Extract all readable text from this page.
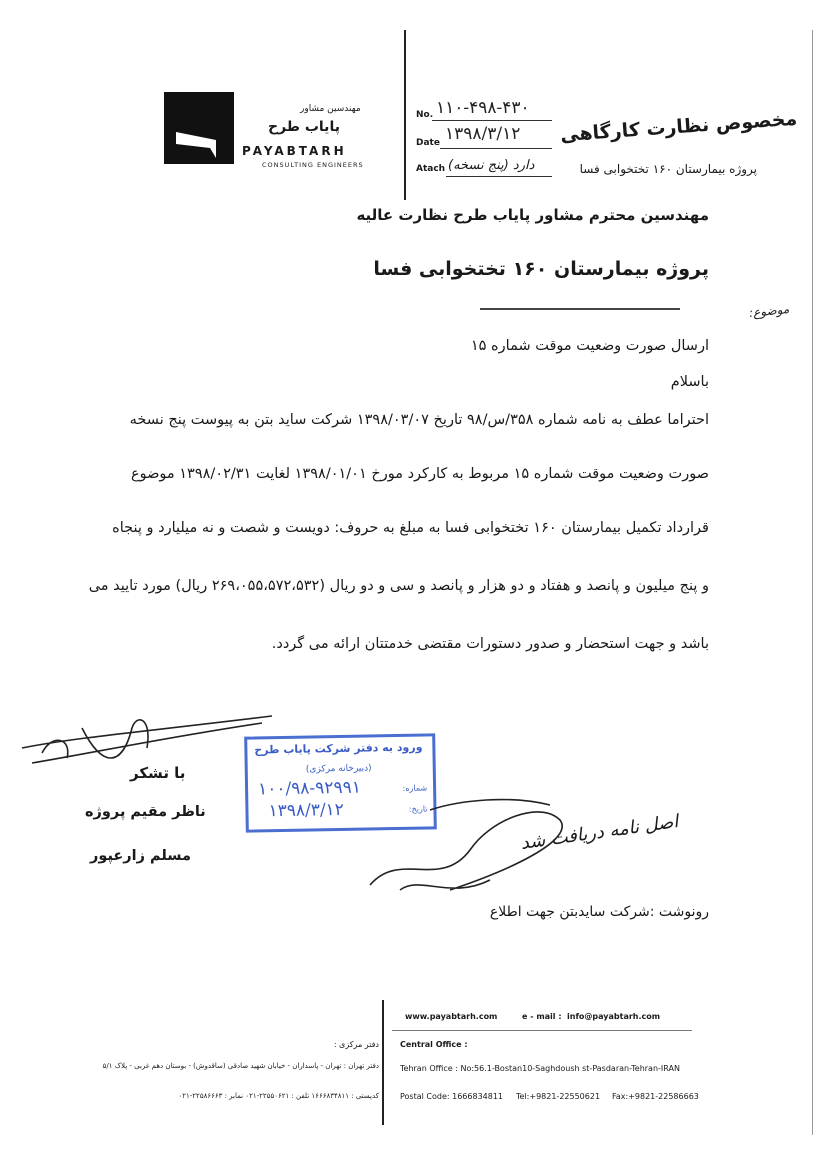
مهندسین مشاور
پایاب طرح
PAYABTARH
CONSULTING ENGINEERS
No. ۱۱۰-۴۹۸-۴۳۰
Date ۱۳۹۸/۳/۱۲
Atach دارد (پنج نسخه)
مخصوص نظارت کارگاهی
پروژه بیمارستان ۱۶۰ تختخوابی فسا
مهندسین محترم مشاور پایاب طرح نظارت عالیه
پروژه بیمارستان ۱۶۰ تختخوابی فسا
موضوع:
ارسال صورت وضعیت موقت شماره ۱۵
باسلام
احتراما عطف به نامه شماره ۳۵۸/س/۹۸ تاریخ ۱۳۹۸/۰۳/۰۷ شرکت ساید بتن به پیوست پنج نسخه
صورت وضعیت موقت شماره ۱۵ مربوط به کارکرد مورخ ۱۳۹۸/۰۱/۰۱ لغایت ۱۳۹۸/۰۲/۳۱ موضوع
قرارداد تکمیل بیمارستان ۱۶۰ تختخوابی فسا به مبلغ به حروف: دویست و شصت و نه میلیارد و پنجاه
و پنج میلیون و پانصد و هفتاد و دو هزار و پانصد و سی و دو ریال (۲۶۹،۰۵۵،۵۷۲،۵۳۲ ریال) مورد تایید می
باشد و جهت استحضار و صدور دستورات مقتضی خدمتتان ارائه می گردد.
با تشکر
ناظر مقیم پروژه
مسلم زارعپور
ورود به دفتر شرکت پایاب طرح
(دبیرخانه مرکزی)
شماره:
۱۰۰/۹۸-۹۲۹۹۱
تاریخ:
۱۳۹۸/۳/۱۲
اصل نامه دریافت شد
رونوشت :شرکت سایدبتن جهت اطلاع
www.payabtarh.com	e - mail : info@payabtarh.com
Central Office :
Tehran Office : No:56.1-Bostan10-Saghdoush st-Pasdaran-Tehran-IRAN
Postal Code: 1666834811 Tel:+9821-22550621 Fax:+9821-22586663
دفتر مرکزی :
دفتر تهران : تهران - پاسداران - خیابان شهید صادقی (ساقدوش) - بوستان دهم غربی - پلاک ۵/۱
کدپستی : ۱۶۶۶۸۳۴۸۱۱ تلفن : ۲۲۵۵۰۶۲۱-۰۲۱ نمابر : ۲۲۵۸۶۶۶۳-۰۲۱
